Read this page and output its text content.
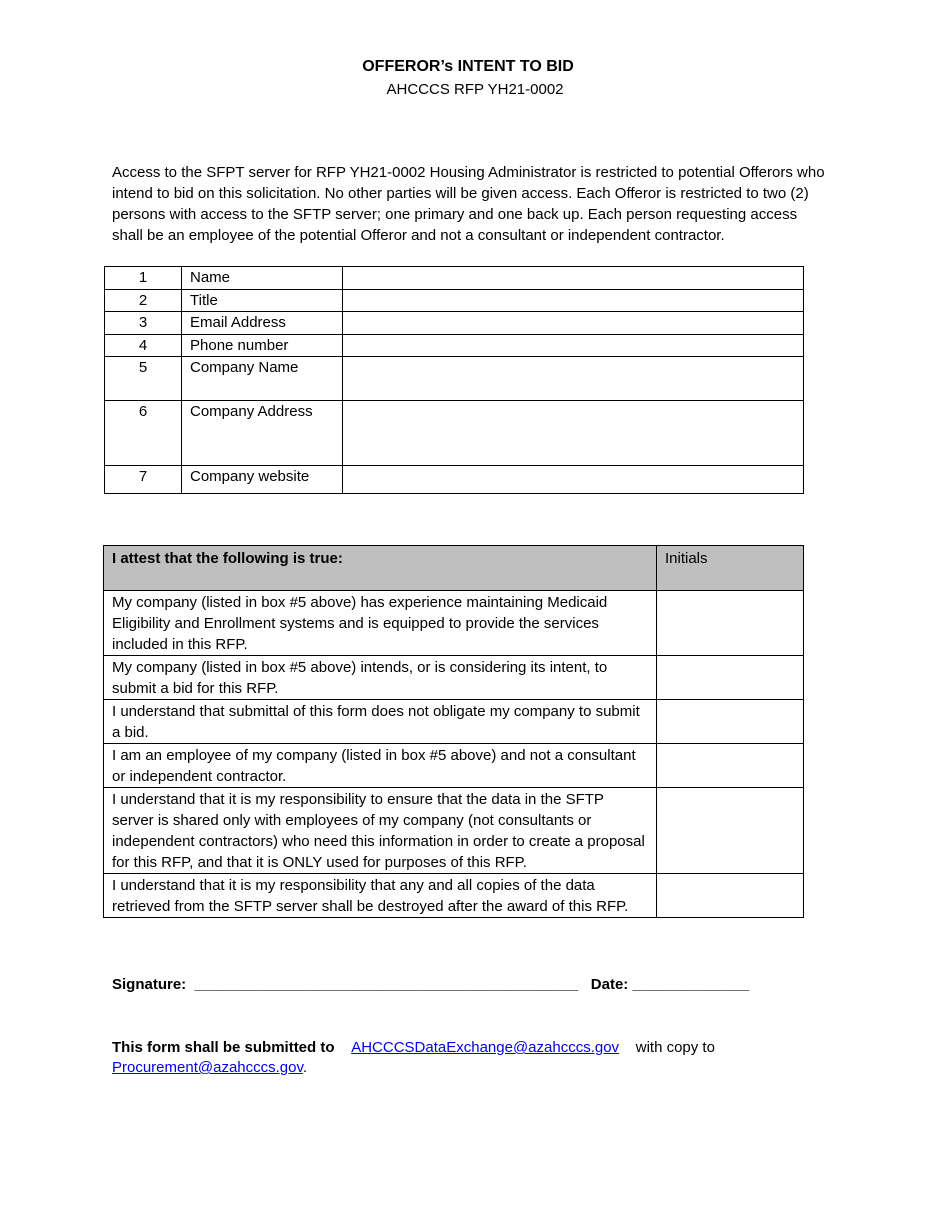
OFFEROR’s INTENT TO BID
AHCCCS RFP YH21-0002
Access to the SFPT server for RFP YH21-0002 Housing Administrator is restricted to potential Offerors who intend to bid on this solicitation. No other parties will be given access. Each Offeror is restricted to two (2) persons with access to the SFTP server; one primary and one back up. Each person requesting access shall be an employee of the potential Offeror and not a consultant or independent contractor.
1	Name	
2	Title	
3	Email Address	
4	Phone number	
5	Company Name	
6	Company Address	
7	Company website	
I attest that the following is true:	Initials
My company (listed in box #5 above) has experience maintaining Medicaid Eligibility and Enrollment systems and is equipped to provide the services included in this RFP.	
My company (listed in box #5 above) intends, or is considering its intent, to submit a bid for this RFP.	
I understand that submittal of this form does not obligate my company to submit a bid.	
I am an employee of my company (listed in box #5 above) and not a consultant or independent contractor.	
I understand that it is my responsibility to ensure that the data in the SFTP server is shared only with employees of my company (not consultants or independent contractors) who need this information in order to create a proposal for this RFP, and that it is ONLY used for purposes of this RFP.	
I understand that it is my responsibility that any and all copies of the data retrieved from the SFTP server shall be destroyed after the award of this RFP.	
Signature: ______________________________________________ Date: ______________
This form shall be submitted to AHCCCSDataExchange@azahcccs.gov with copy to
Procurement@azahcccs.gov.
